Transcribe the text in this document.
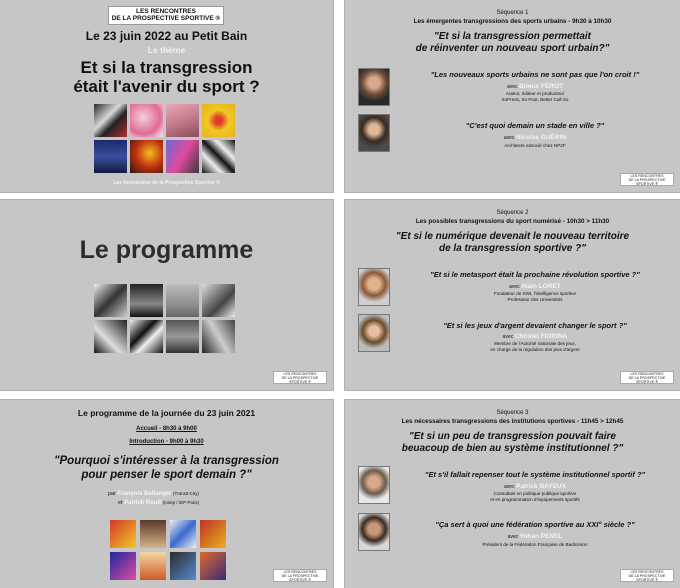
LES RENCONTRES
DE LA PROSPECTIVE SPORTIVE ®
Le 23 juin 2022 au Petit Bain
Le thème
Et si la transgression
était l'avenir du sport ?
Les Rencontres de la Prospective Sportive ®
Le programme
LES RENCONTRES
DE LA PROSPECTIVE SPORTIVE ®
Le programme de la journée du 23 juin 2021
Accueil - 8h30 à 9h00
Introduction - 9h00 à 9h30
"Pourquoi s'intéresser à la transgression
pour penser le sport demain ?"
par François Bellanger (Transit-City)
et Patrick Roult (Insep / IEP Paris)
LES RENCONTRES
DE LA PROSPECTIVE SPORTIVE ®
Séquence 1
Les émergentes transgressions des sports urbains - 9h30 à 10h30
"Et si la transgression permettait
de réinventer un nouveau sport urbain?"
"Les nouveaux sports urbains ne sont pas que l'on croit !"
avec Brieux FÉROT
Auteur, éditeur et producteur
SoPress, So Foot, Better Call So
"C'est quoi demain un stade en ville ?"
avec Nicolas GUÉRIN
Architecte associé chez NP2F
LES RENCONTRES
DE LA PROSPECTIVE SPORTIVE ®
Séquence 2
Les possibles transgressions du sport numérisé - 10h30 > 11h30
"Et si le numérique devenait le nouveau territoire
de la transgression sportive ?"
"Et si le metasport était la prochaine révolution sportive ?"
avec Alain LORET
Fondateur de SWI, l'intelligence sportive
Professeur des Universités
"Et si les jeux d'argent devaient changer le sport ?"
avec Christel FIORINA
Membre de l'Autorité nationale des jeux,
en charge de la régulation des jeux d'argent
LES RENCONTRES
DE LA PROSPECTIVE SPORTIVE ®
Séquence 3
Les nécessaires transgressions des institutions sportives - 11h45 > 12h45
"Et si un peu de transgression pouvait faire
beuacoup de bien au système institutionnel ?"
"Et s'il fallait repenser tout le système institutionnel sportif ?"
avec Patrick BAYEUX
Consultant en politique publique sportive
et en programmation d'équipements sportifs
"Ça sert à quoi une fédération sportive au XXI° siècle ?"
avec Yohan PENEL
Président de la Fédération Française de Badminton
LES RENCONTRES
DE LA PROSPECTIVE SPORTIVE ®
